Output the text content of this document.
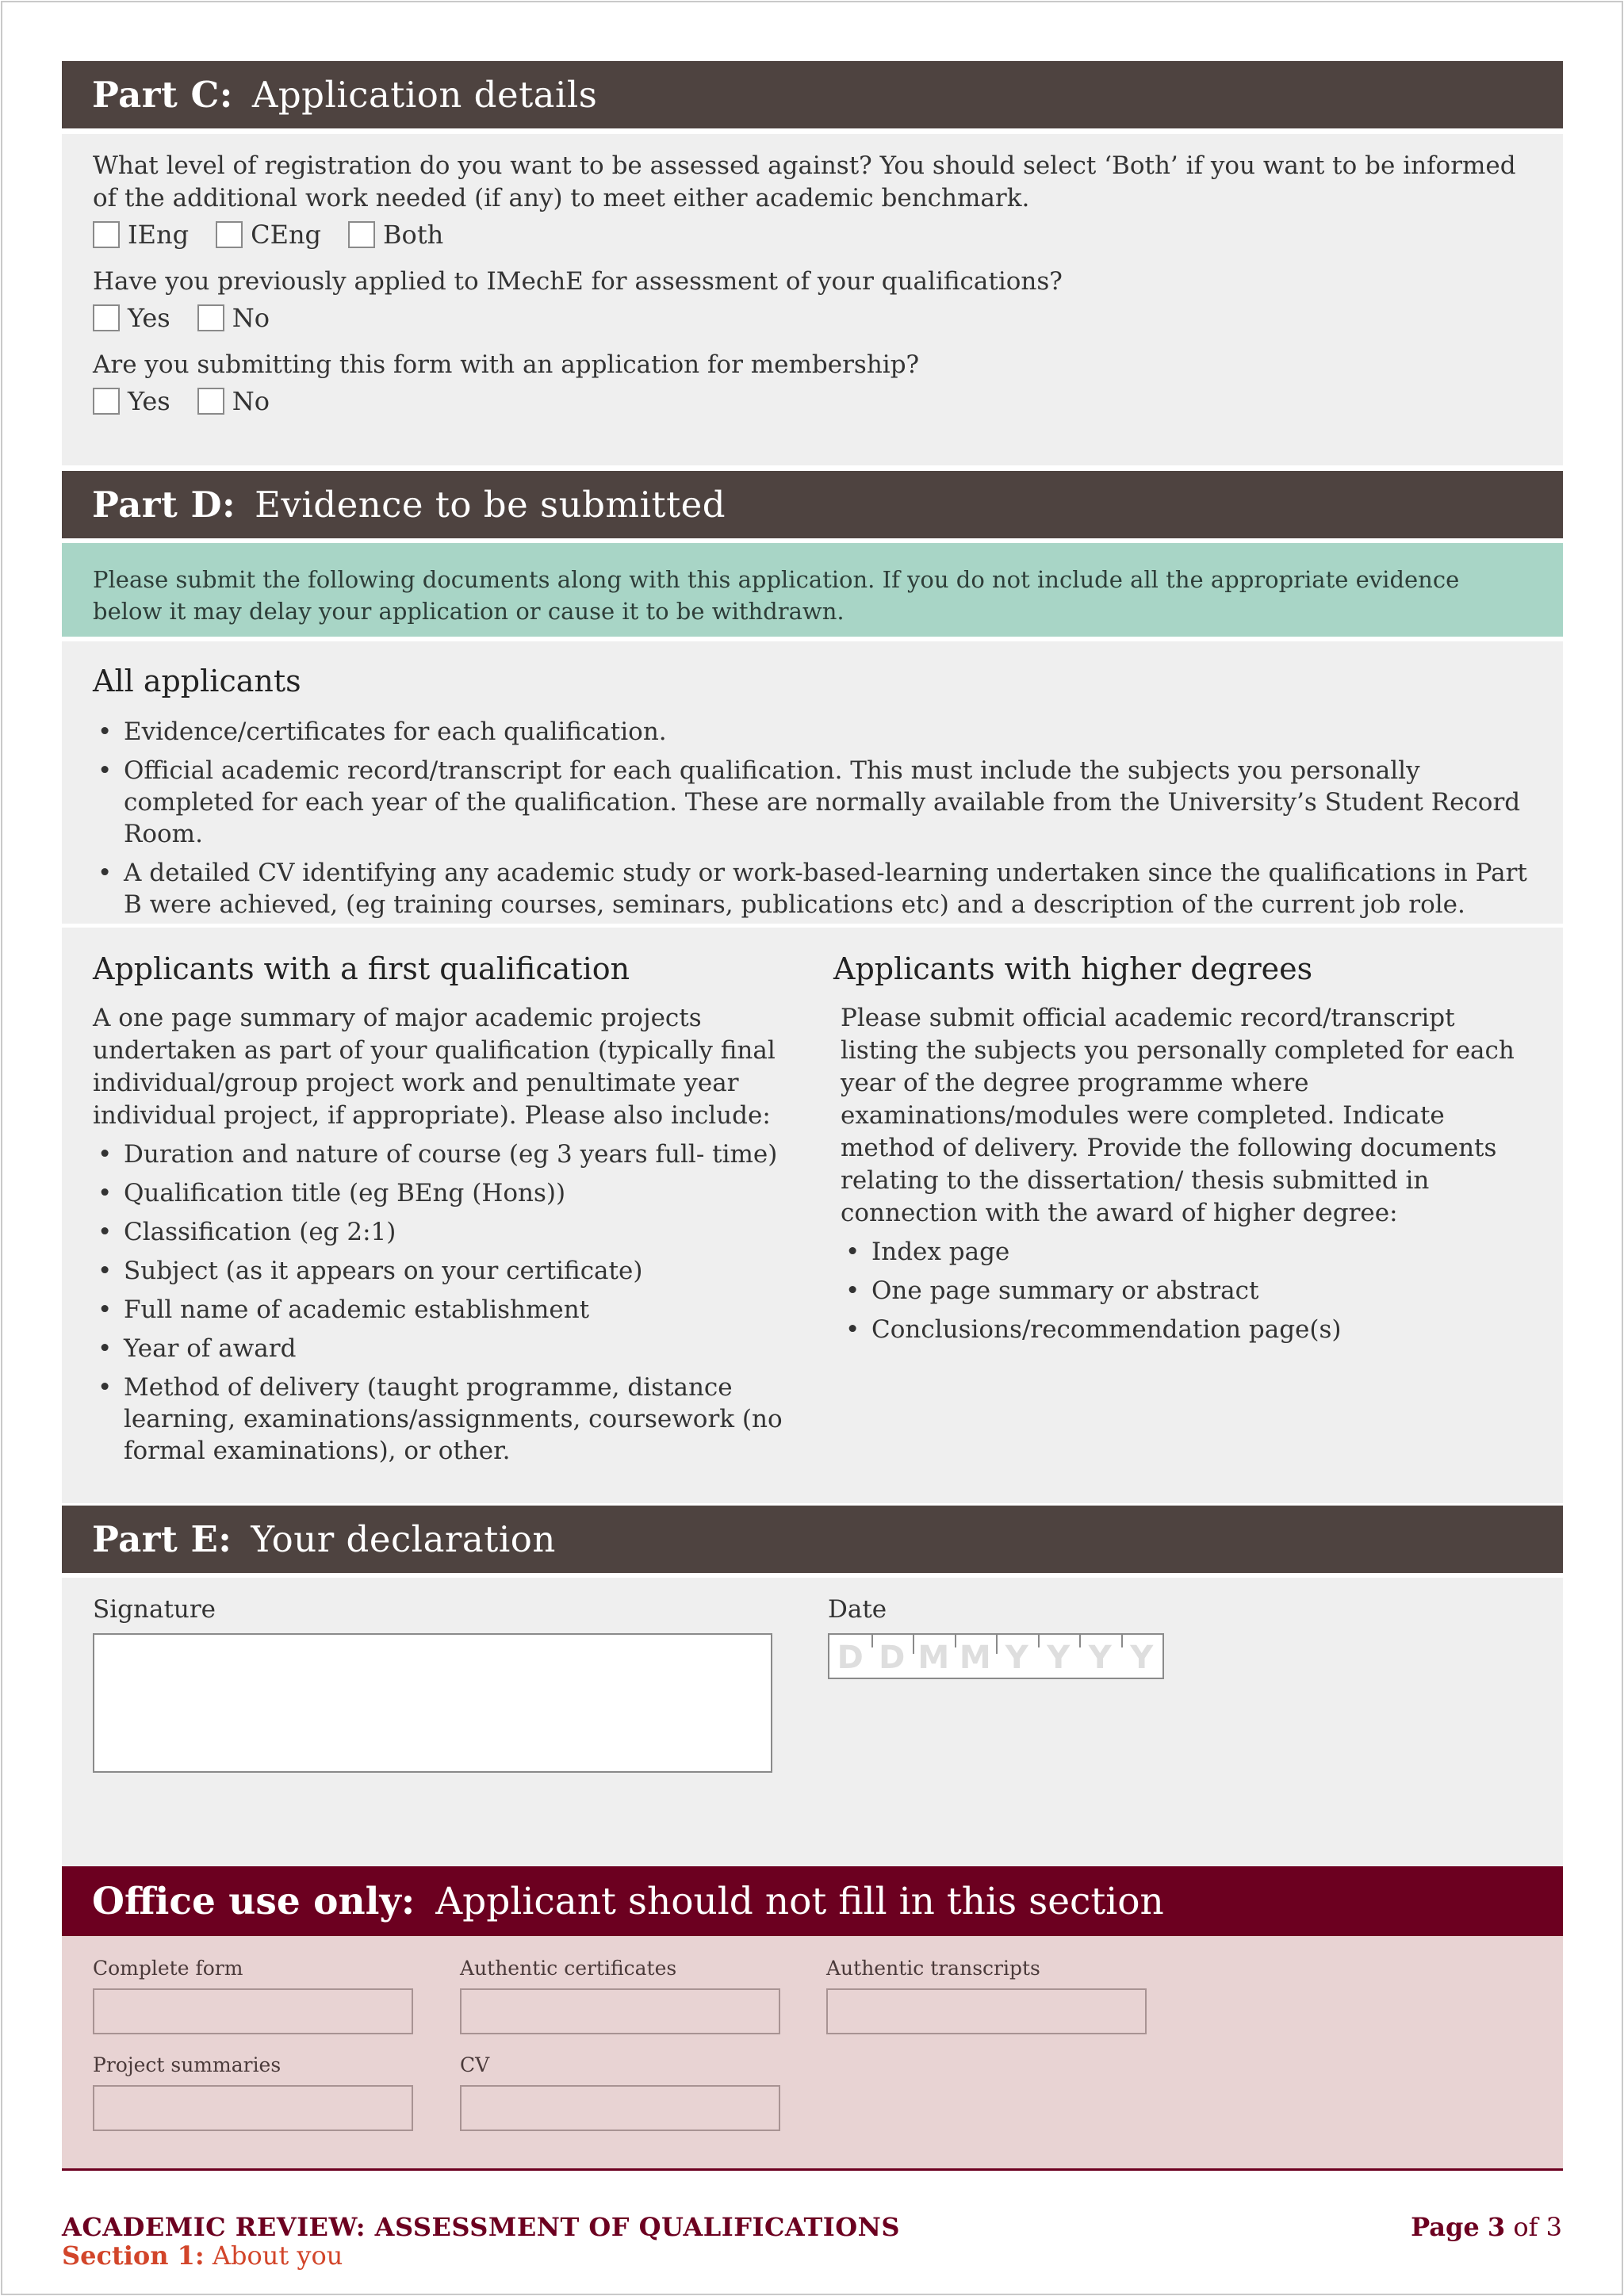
Part C: Application details
What level of registration do you want to be assessed against? You should select ‘Both’ if you want to be informed of the additional work needed (if any) to meet either academic benchmark.
IEng CEng Both
Have you previously applied to IMechE for assessment of your qualifications?
Yes No
Are you submitting this form with an application for membership?
Yes No
Part D: Evidence to be submitted
Please submit the following documents along with this application. If you do not include all the appropriate evidence below it may delay your application or cause it to be withdrawn.
All applicants
• Evidence/certificates for each qualification.
• Official academic record/transcript for each qualification. This must include the subjects you personally completed for each year of the qualification. These are normally available from the University’s Student Record Room.
• A detailed CV identifying any academic study or work-based-learning undertaken since the qualifications in Part B were achieved, (eg training courses, seminars, publications etc) and a description of the current job role.
Applicants with a first qualification

A one page summary of major academic projects undertaken as part of your qualification (typically final individual/group project work and penultimate year individual project, if appropriate). Please also include:

• Duration and nature of course (eg 3 years full- time)
• Qualification title (eg BEng (Hons))
• Classification (eg 2:1)
• Subject (as it appears on your certificate)
• Full name of academic establishment
• Year of award
• Method of delivery (taught programme, distance learning, examinations/assignments, coursework (no formal examinations), or other.
Applicants with higher degrees

Please submit official academic record/transcript listing the subjects you personally completed for each year of the degree programme where examinations/modules were completed. Indicate method of delivery. Provide the following documents relating to the dissertation/ thesis submitted in connection with the award of higher degree:

• Index page
• One page summary or abstract
• Conclusions/recommendation page(s)
Part E: Your declaration
Signature	Date
D D M M Y Y Y Y
Office use only: Applicant should not fill in this section
Complete form	Authentic certificates	Authentic transcripts
Project summaries	CV
ACADEMIC REVIEW: ASSESSMENT OF QUALIFICATIONS
Section 1: About you
Page 3 of 3
